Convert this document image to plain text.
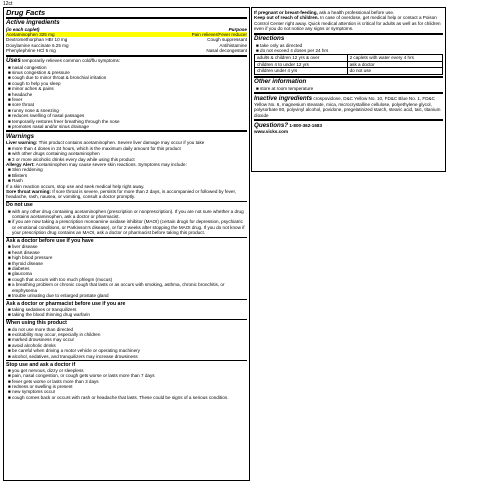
12ct
Drug Facts
Active ingredients
(in each caplet)	Purpose
Acetaminophen 325 mg	Pain reliever/Fever reducer
Dextromethorphan HBr 10 mg	Cough suppressant
Doxylamine succinate 6.25 mg	Antihistamine
Phenylephrine HCl 5 mg	Nasal decongestant
Uses temporarily relieves common cold/flu symptoms:
■ nasal congestion
■ sinus congestion & pressure
■ cough due to minor throat & bronchial irritation
■ cough to help you sleep
■ minor aches & pains
■ headache
■ fever
■ sore throat
■ runny nose & sneezing
■ reduces swelling of nasal passages
■ temporarily restores freer breathing through the nose
■ promotes nasal and/or sinus drainage
Warnings
Liver warning: This product contains acetaminophen. Severe liver damage may occur if you take
■ more than 4 doses in 24 hours, which is the maximum daily amount for this product
■ with other drugs containing acetaminophen
■ 3 or more alcoholic drinks every day while using this product
Allergy Alert: Acetaminophen may cause severe skin reactions. Symptoms may include:
■ Skin reddening
■ Blisters
■ Rash
If a skin reaction occurs, stop use and seek medical help right away.
Sore throat warning: If sore throat is severe, persists for more than 2 days, is accompanied or followed by fever, headache, rash, nausea, or vomiting, consult a doctor promptly.
Do not use
■ with any other drug containing acetaminophen (prescription or nonprescription). If you are not sure whether a drug contains acetaminophen, ask a doctor or pharmacist.
■ if you are now taking a prescription monoamine oxidase inhibitor (MAOI) (certain drugs for depression, psychiatric or emotional conditions, or Parkinson's disease), or for 2 weeks after stopping the MAOI drug. If you do not know if your prescription drug contains an MAOI, ask a doctor or pharmacist before taking this product.
Ask a doctor before use if you have
■ liver disease
■ heart disease
■ high blood pressure
■ thyroid disease
■ diabetes
■ glaucoma
■ cough that occurs with too much phlegm (mucus)
■ a breathing problem or chronic cough that lasts or as occurs with smoking, asthma, chronic bronchitis, or emphysema
■ trouble urinating due to enlarged prostate gland
Ask a doctor or pharmacist before use if you are
■ taking sedatives or tranquilizers
■ taking the blood thinning drug warfarin
When using this product
■ do not use more than directed
■ excitability may occur, especially in children
■ marked drowsiness may occur
■ avoid alcoholic drinks
■ be careful when driving a motor vehicle or operating machinery
■ alcohol, sedatives, and tranquilizers may increase drowsiness
Stop use and ask a doctor if
■ you get nervous, dizzy or sleepless
■ pain, nasal congestion, or cough gets worse or lasts more than 7 days
■ fever gets worse or lasts more than 3 days
■ redness or swelling is present
■ new symptoms occur
■ cough comes back or occurs with rash or headache that lasts. These could be signs of a serious condition.
If pregnant or breast-feeding, ask a health professional before use.
Keep out of reach of children. In case of overdose, get medical help or contact a Poison Control Center right away. Quick medical attention is critical for adults as well as for children even if you do not notice any signs or symptoms.
Directions
■ take only as directed
■ do not exceed 4 doses per 24 hrs
adults & children 12 yrs & over	2 caplets with water every 4 hrs
children 4 to under 12 yrs	ask a doctor
children under 4 yrs	do not use
Other information
■ store at room temperature
Inactive ingredients crospovidone, D&C Yellow No. 10, FD&C Blue No. 1, FD&C Yellow No. 6, magnesium stearate, mica, microcrystalline cellulose, polyethylene glycol, polysorbate 80, polyvinyl alcohol, povidone, pregelatinized starch, stearic acid, talc, titanium dioxide
Questions? 1-800-362-1683
www.vicks.com
